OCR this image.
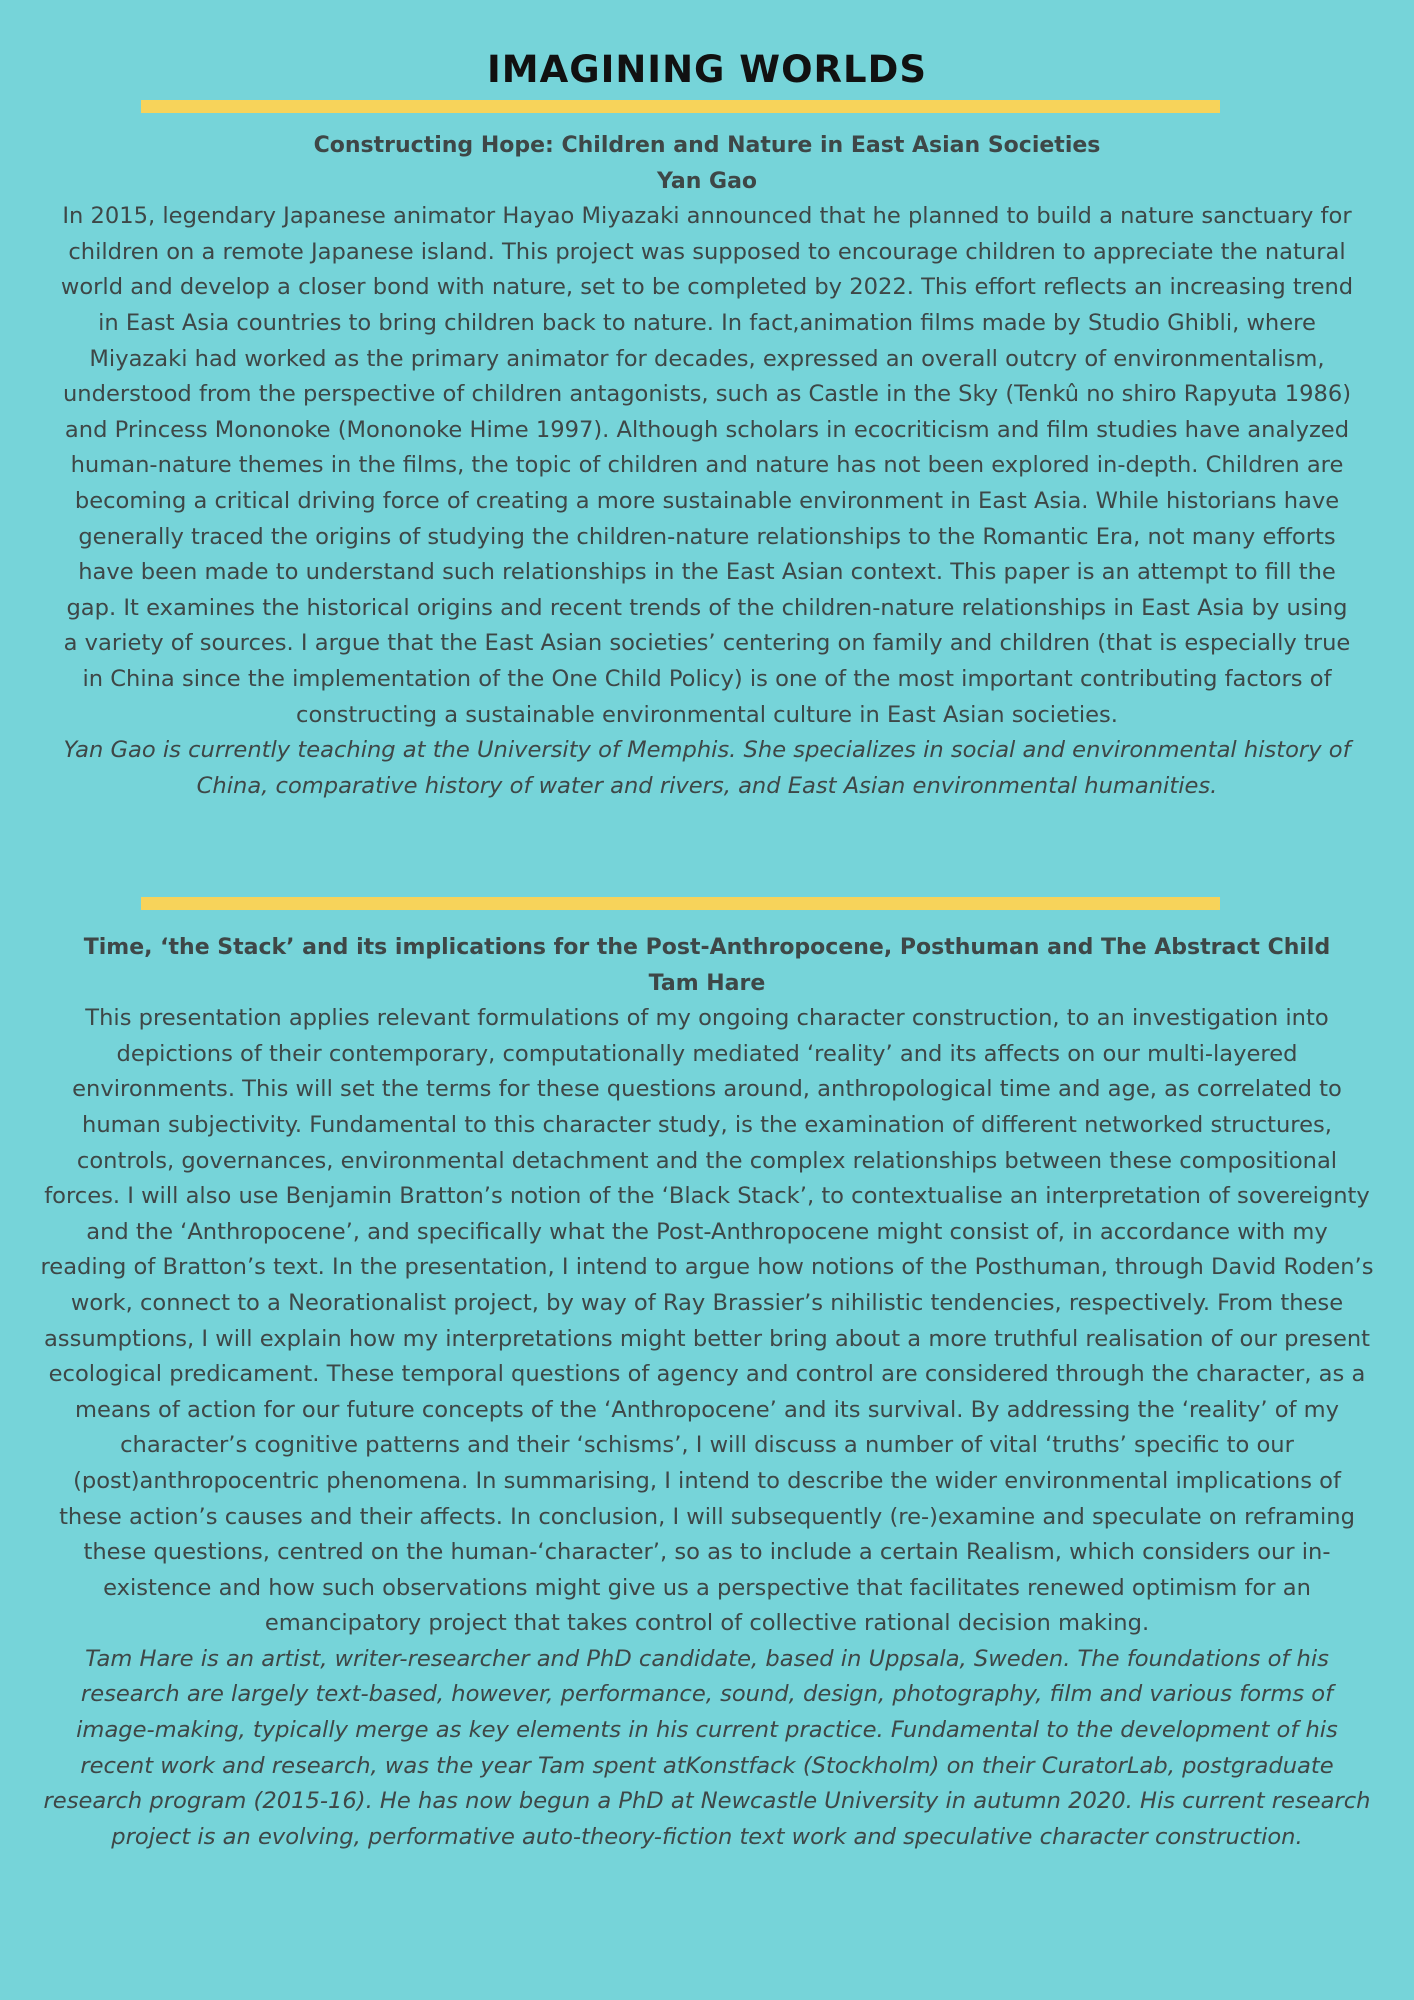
IMAGINING WORLDS
Constructing Hope: Children and Nature in East Asian Societies
Yan Gao
In 2015, legendary Japanese animator Hayao Miyazaki announced that he planned to build a nature sanctuary for children on a remote Japanese island. This project was supposed to encourage children to appreciate the natural world and develop a closer bond with nature, set to be completed by 2022. This effort reflects an increasing trend in East Asia countries to bring children back to nature. In fact,animation films made by Studio Ghibli, where Miyazaki had worked as the primary animator for decades, expressed an overall outcry of environmentalism, understood from the perspective of children antagonists, such as Castle in the Sky (Tenkû no shiro Rapyuta 1986) and Princess Mononoke (Mononoke Hime 1997). Although scholars in ecocriticism and film studies have analyzed human-nature themes in the films, the topic of children and nature has not been explored in-depth. Children are becoming a critical driving force of creating a more sustainable environment in East Asia. While historians have generally traced the origins of studying the children-nature relationships to the Romantic Era, not many efforts have been made to understand such relationships in the East Asian context. This paper is an attempt to fill the gap. It examines the historical origins and recent trends of the children-nature relationships in East Asia by using a variety of sources. I argue that the East Asian societies’ centering on family and children (that is especially true in China since the implementation of the One Child Policy) is one of the most important contributing factors of constructing a sustainable environmental culture in East Asian societies.
Yan Gao is currently teaching at the University of Memphis. She specializes in social and environmental history of China, comparative history of water and rivers, and East Asian environmental humanities.
Time, ‘the Stack’ and its implications for the Post-Anthropocene, Posthuman and The Abstract Child
Tam Hare
This presentation applies relevant formulations of my ongoing character construction, to an investigation into depictions of their contemporary, computationally mediated ‘reality’ and its affects on our multi-layered environments. This will set the terms for these questions around, anthropological time and age, as correlated to human subjectivity. Fundamental to this character study, is the examination of different networked structures, controls, governances, environmental detachment and the complex relationships between these compositional forces. I will also use Benjamin Bratton’s notion of the ‘Black Stack’, to contextualise an interpretation of sovereignty and the ‘Anthropocene’, and specifically what the Post-Anthropocene might consist of, in accordance with my reading of Bratton’s text. In the presentation, I intend to argue how notions of the Posthuman, through David Roden’s work, connect to a Neorationalist project, by way of Ray Brassier’s nihilistic tendencies, respectively. From these assumptions, I will explain how my interpretations might better bring about a more truthful realisation of our present ecological predicament. These temporal questions of agency and control are considered through the character, as a means of action for our future concepts of the ‘Anthropocene’ and its survival. By addressing the ‘reality’ of my character’s cognitive patterns and their ‘schisms’, I will discuss a number of vital ‘truths’ specific to our (post)anthropocentric phenomena. In summarising, I intend to describe the wider environmental implications of these action’s causes and their affects. In conclusion, I will subsequently (re-)examine and speculate on reframing these questions, centred on the human-‘character’, so as to include a certain Realism, which considers our in-existence and how such observations might give us a perspective that facilitates renewed optimism for an emancipatory project that takes control of collective rational decision making.
Tam Hare is an artist, writer-researcher and PhD candidate, based in Uppsala, Sweden. The foundations of his research are largely text-based, however, performance, sound, design, photography, film and various forms of image-making, typically merge as key elements in his current practice. Fundamental to the development of his recent work and research, was the year Tam spent atKonstfack (Stockholm) on their CuratorLab, postgraduate research program (2015-16). He has now begun a PhD at Newcastle University in autumn 2020. His current research project is an evolving, performative auto-theory-fiction text work and speculative character construction.
